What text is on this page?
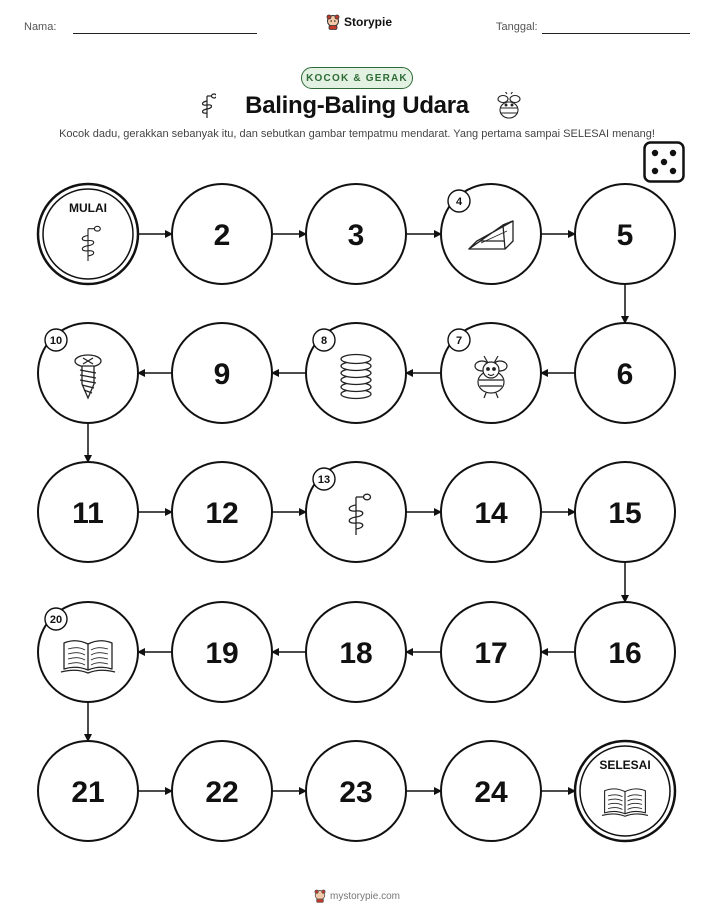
Nama:	Storypie	Tanggal:
KOCOK & GERAK
Baling-Baling Udara
Kocok dadu, gerakkan sebanyak itu, dan sebutkan gambar tempatmu mendarat. Yang pertama sampai SELESAI menang!
MULAI
2	3
4
5
6
7
8
9
10
11	12
13
14	15
16
17
18
19
20
21	22	23	24
SELESAI
mystorypie.com
